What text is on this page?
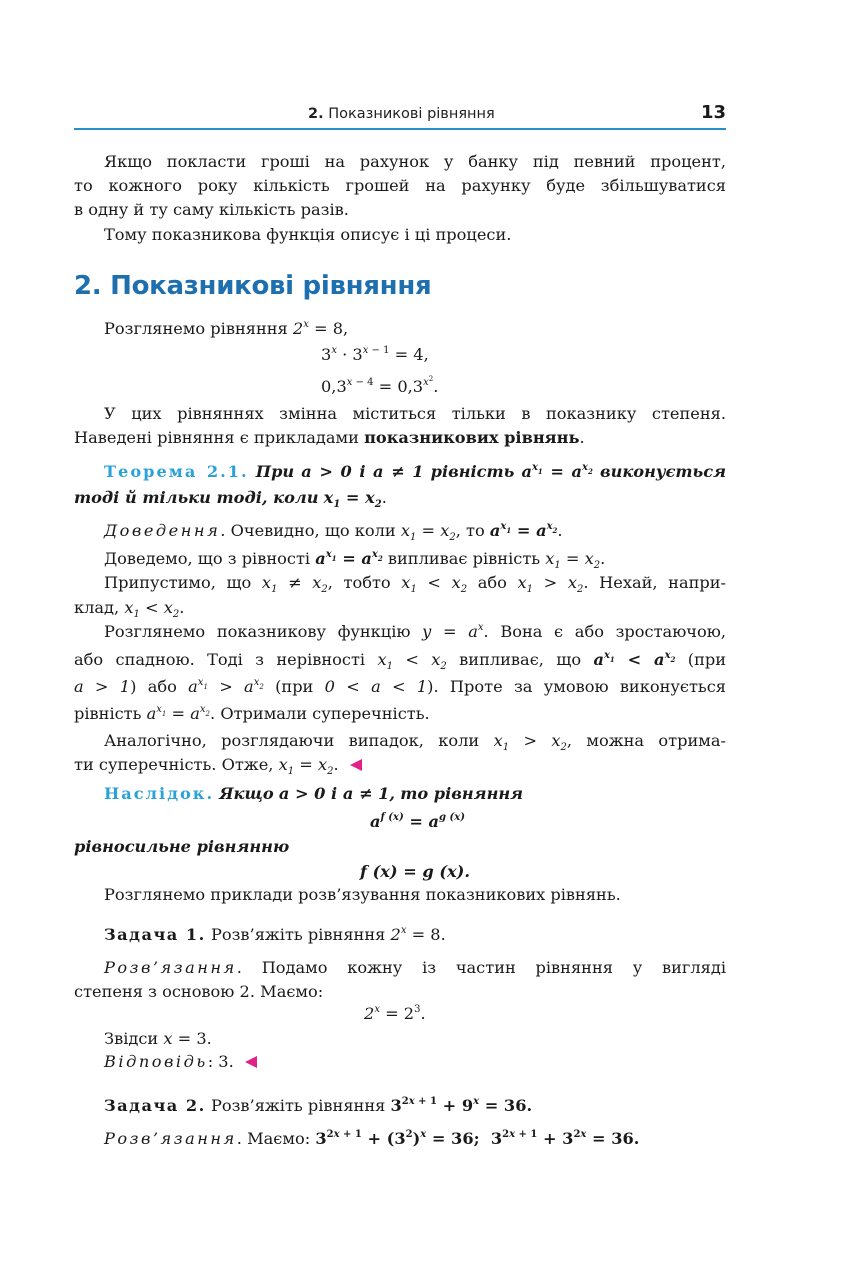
2. Показникові рівняння	13
Якщо покласти гроші на рахунок у банку під певний процент,
то кожного року кількість грошей на рахунку буде збільшуватися
в одну й ту саму кількість разів.
Тому показникова функція описує і ці процеси.
2. Показникові рівняння
Розглянемо рівняння $2^x = 8$,
$3^x \cdot 3^{x - 1} = 4$,
$0,3^{x - 4} = 0,3^{x^2}$.
У цих рівняннях змінна міститься тільки в показнику степеня.
Наведені рівняння є прикладами показникових рівнянь.
Теорема 2.1. При a > 0 і a ≠ 1 рівність $a^{x_1} = a^{x_2}$ виконується
тоді й тільки тоді, коли $x_1 = x_2$.
Доведення. Очевидно, що коли $x_1 = x_2$, то $a^{x_1} = a^{x_2}$.
Доведемо, що з рівності $a^{x_1} = a^{x_2}$ випливає рівність $x_1 = x_2$.
Припустимо, що $x_1 \ne x_2$, тобто $x_1 < x_2$ або $x_1 > x_2$. Нехай, напри-
клад, $x_1 < x_2$.
Розглянемо показникову функцію $y = a^x$. Вона є або зростаючою,
або спадною. Тоді з нерівності $x_1 < x_2$ випливає, що $a^{x_1} < a^{x_2}$ (при
a > 1) або $a^{x_1} > a^{x_2}$ (при 0 < a < 1). Проте за умовою виконується
рівність $a^{x_1} = a^{x_2}$. Отримали суперечність.
Аналогічно, розглядаючи випадок, коли $x_1 > x_2$, можна отрима-
ти суперечність. Отже, $x_1 = x_2$.
Наслідок. Якщо a > 0 і a ≠ 1, то рівняння
$a^{f (x)} = a^{g (x)}$
рівносильне рівнянню
f (x) = g (x).
Розглянемо приклади розв’язування показникових рівнянь.
Задача 1. Розв’яжіть рівняння $2^x = 8$.
Розв’язання. Подамо кожну із частин рівняння у вигляді
степеня з основою 2. Маємо:
$2^x = 2^3$.
Звідси x = 3.
Відповідь: 3.
Задача 2. Розв’яжіть рівняння $3^{2x + 1} + 9^x = 36$.
Розв’язання. Маємо: $3^{2x + 1} + (3^2)^x = 36$;  $3^{2x + 1} + 3^{2x} = 36$.
